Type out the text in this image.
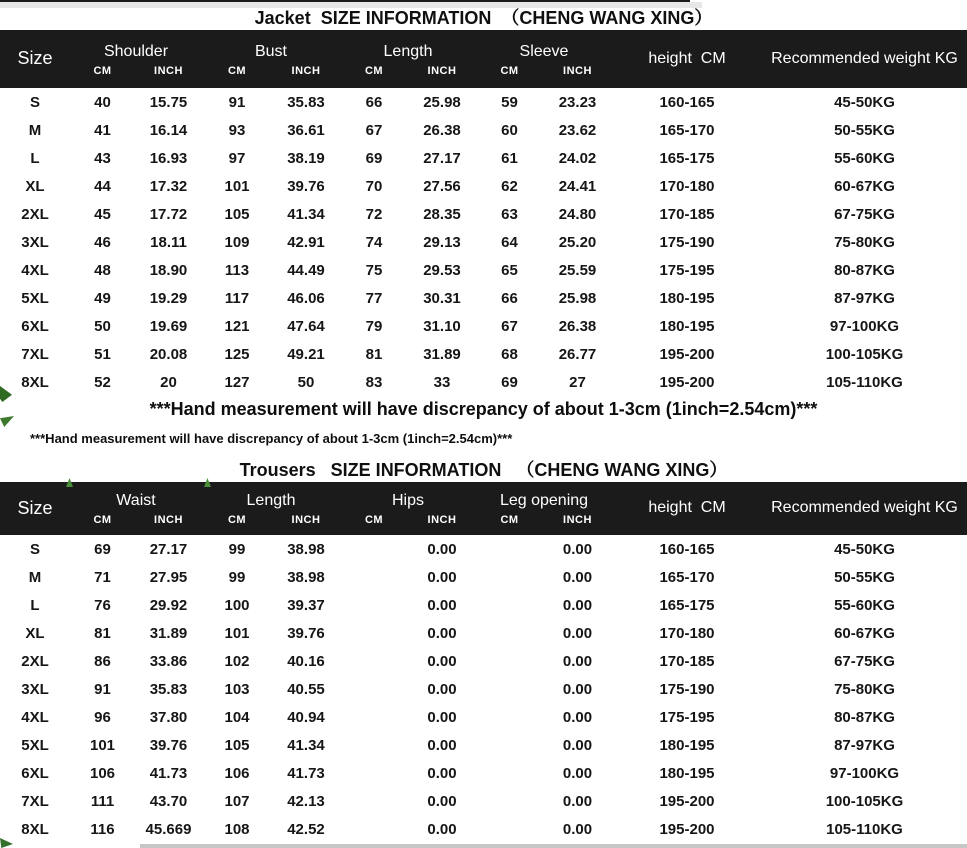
Jacket  SIZE INFORMATION  （CHENG WANG XING）
Size	Shoulder	Bust	Length	Sleeve
CM	INCH	CM	INCH	CM	INCH	CM	INCH
height  CM	Recommended weight KG
S	40	15.75	91	35.83	66	25.98	59	23.23	160-165	45-50KG
M	41	16.14	93	36.61	67	26.38	60	23.62	165-170	50-55KG
L	43	16.93	97	38.19	69	27.17	61	24.02	165-175	55-60KG
XL	44	17.32	101	39.76	70	27.56	62	24.41	170-180	60-67KG
2XL	45	17.72	105	41.34	72	28.35	63	24.80	170-185	67-75KG
3XL	46	18.11	109	42.91	74	29.13	64	25.20	175-190	75-80KG
4XL	48	18.90	113	44.49	75	29.53	65	25.59	175-195	80-87KG
5XL	49	19.29	117	46.06	77	30.31	66	25.98	180-195	87-97KG
6XL	50	19.69	121	47.64	79	31.10	67	26.38	180-195	97-100KG
7XL	51	20.08	125	49.21	81	31.89	68	26.77	195-200	100-105KG
8XL	52	20	127	50	83	33	69	27	195-200	105-110KG
***Hand measurement will have discrepancy of about 1-3cm (1inch=2.54cm)***
***Hand measurement will have discrepancy of about 1-3cm (1inch=2.54cm)***
Trousers   SIZE INFORMATION   （CHENG WANG XING）
Size	Waist	Length	Hips	Leg opening
CM	INCH	CM	INCH	CM	INCH	CM	INCH
height  CM	Recommended weight KG
S	69	27.17	99	38.98	0.00	0.00	160-165	45-50KG
M	71	27.95	99	38.98	0.00	0.00	165-170	50-55KG
L	76	29.92	100	39.37	0.00	0.00	165-175	55-60KG
XL	81	31.89	101	39.76	0.00	0.00	170-180	60-67KG
2XL	86	33.86	102	40.16	0.00	0.00	170-185	67-75KG
3XL	91	35.83	103	40.55	0.00	0.00	175-190	75-80KG
4XL	96	37.80	104	40.94	0.00	0.00	175-195	80-87KG
5XL	101	39.76	105	41.34	0.00	0.00	180-195	87-97KG
6XL	106	41.73	106	41.73	0.00	0.00	180-195	97-100KG
7XL	111	43.70	107	42.13	0.00	0.00	195-200	100-105KG
8XL	116	45.669	108	42.52	0.00	0.00	195-200	105-110KG
